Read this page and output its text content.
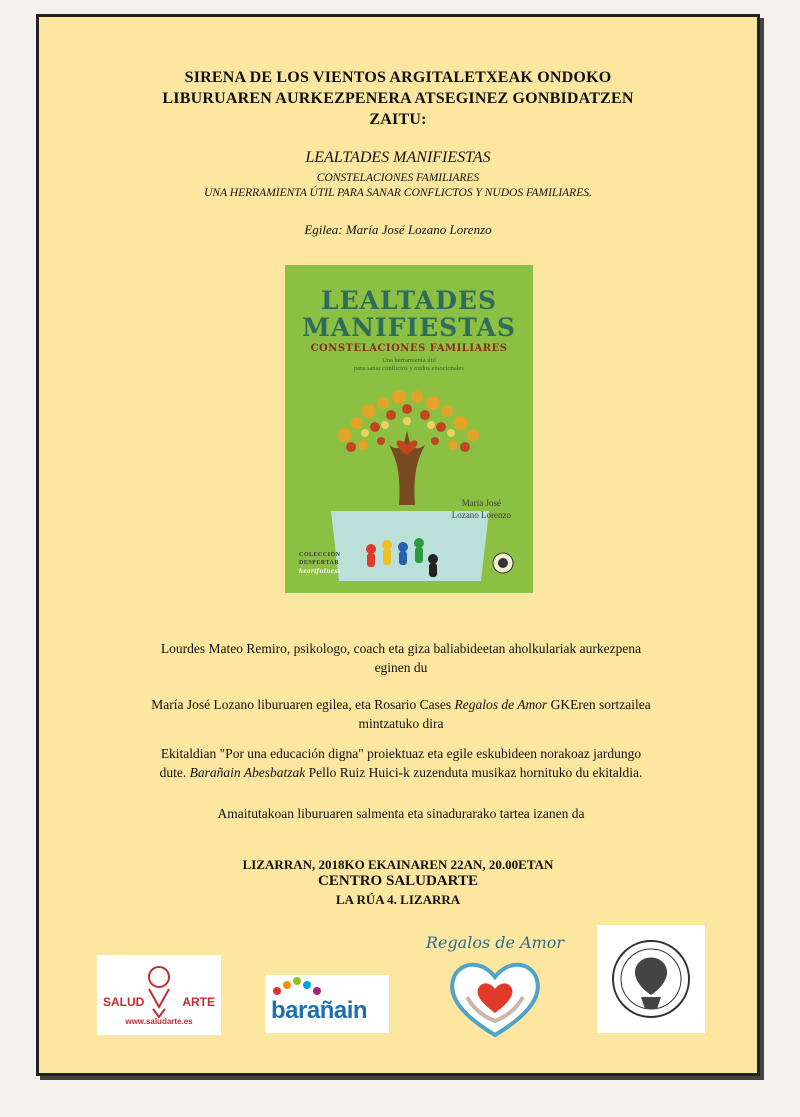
SIRENA DE LOS VIENTOS ARGITALETXEAK ONDOKO
LIBURUAREN AURKEZPENERA ATSEGINEZ GONBIDATZEN
ZAITU:
LEALTADES MANIFIESTAS
CONSTELACIONES FAMILIARES
UNA HERRAMIENTA ÚTIL PARA SANAR CONFLICTOS Y NUDOS FAMILIARES.
Egilea: María José Lozano Lorenzo
LEALTADES
MANIFIESTAS
CONSTELACIONES FAMILIARES
Una herramienta útil
para sanar conflictos y nudos emocionales
María José
Lozano Lorenzo
COLECCIÓN
DESPERTAR
heartfulness
Lourdes Mateo Remiro, psikologo, coach eta giza baliabideetan aholkulariak aurkezpena
eginen du
María José Lozano liburuaren egilea, eta Rosario Cases Regalos de Amor GKEren sortzailea
mintzatuko dira
Ekitaldian "Por una educación digna" proiektuaz eta egile eskubideen norakoaz jardungo
dute. Barañain Abesbatzak Pello Ruiz Huici-k zuzenduta musikaz hornituko du ekitaldia.
Amaitutakoan liburuaren salmenta eta sinadurarako tartea izanen da
LIZARRAN, 2018KO EKAINAREN 22AN, 20.00ETAN
CENTRO SALUDARTE
LA RÚA 4. LIZARRA
SALUD	ARTE
www.saludarte.es	barañain
Regalos de Amor
